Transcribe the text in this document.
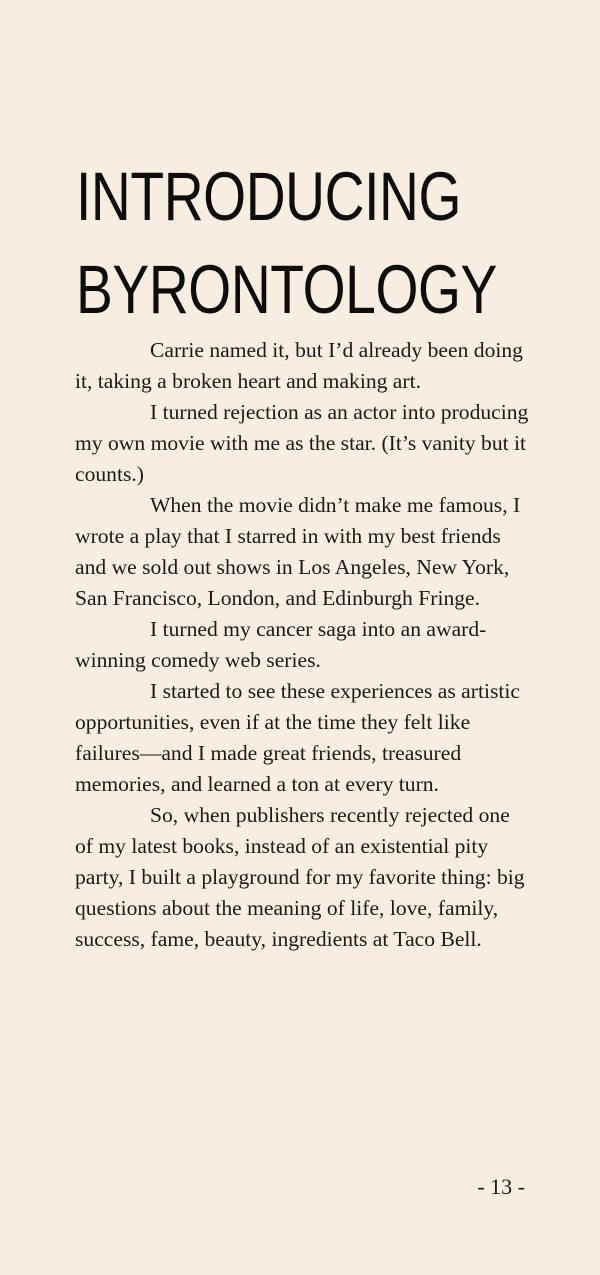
INTRODUCING
BYRONTOLOGY

Carrie named it, but I’d already been doing it, taking a broken heart and making art.

I turned rejection as an actor into producing my own movie with me as the star. (It’s vanity but it counts.)

When the movie didn’t make me famous, I wrote a play that I starred in with my best friends and we sold out shows in Los Angeles, New York, San Francisco, London, and Edinburgh Fringe.

I turned my cancer saga into an award-winning comedy web series.

I started to see these experiences as artistic opportunities, even if at the time they felt like failures—and I made great friends, treasured memories, and learned a ton at every turn.

So, when publishers recently rejected one of my latest books, instead of an existential pity party, I built a playground for my favorite thing: big questions about the meaning of life, love, family, success, fame, beauty, ingredients at Taco Bell.

- 13 -
